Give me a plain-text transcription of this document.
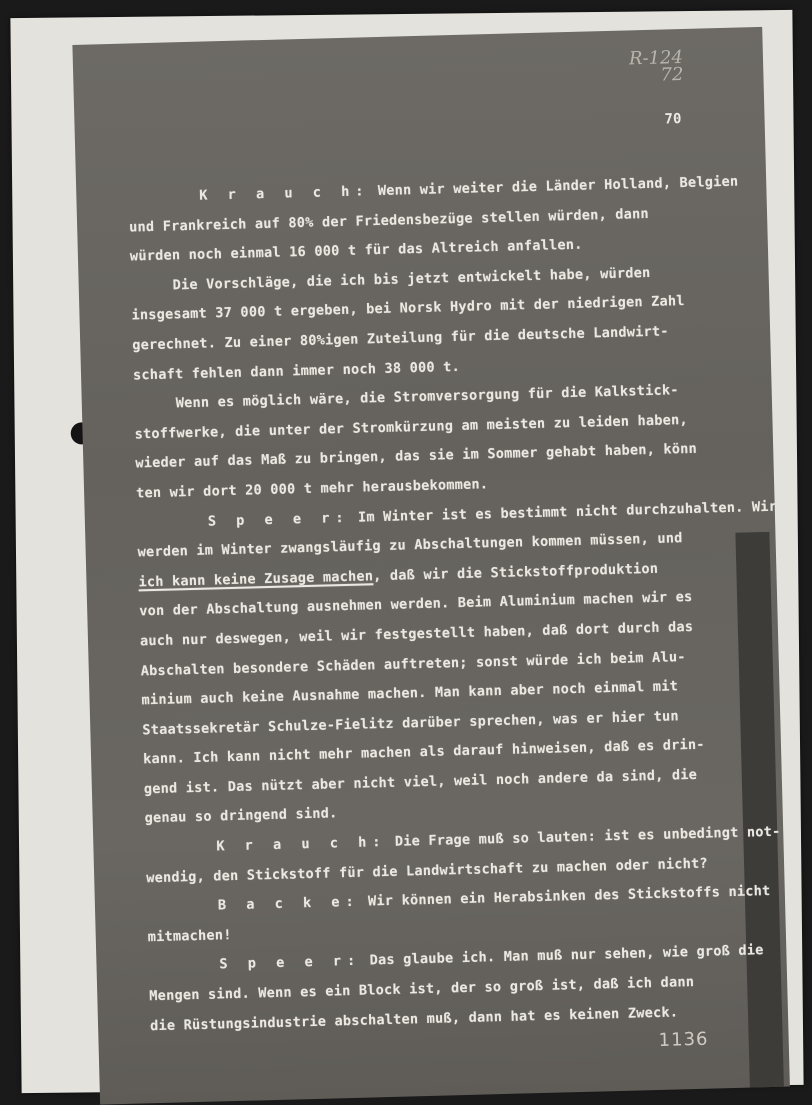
R-124
72
70
K r a u c h: Wenn wir weiter die Länder Holland, Belgien
und Frankreich auf 80% der Friedensbezüge stellen würden, dann
würden noch einmal 16 000 t für das Altreich anfallen.
Die Vorschläge, die ich bis jetzt entwickelt habe, würden
insgesamt 37 000 t ergeben, bei Norsk Hydro mit der niedrigen Zahl
gerechnet. Zu einer 80%igen Zuteilung für die deutsche Landwirt-
schaft fehlen dann immer noch 38 000 t.
Wenn es möglich wäre, die Stromversorgung für die Kalkstick-
stoffwerke, die unter der Stromkürzung am meisten zu leiden haben,
wieder auf das Maß zu bringen, das sie im Sommer gehabt haben, könn
ten wir dort 20 000 t mehr herausbekommen.
S p e e r: Im Winter ist es bestimmt nicht durchzuhalten. Wir
werden im Winter zwangsläufig zu Abschaltungen kommen müssen, und
ich kann keine Zusage machen, daß wir die Stickstoffproduktion
von der Abschaltung ausnehmen werden. Beim Aluminium machen wir es
auch nur deswegen, weil wir festgestellt haben, daß dort durch das
Abschalten besondere Schäden auftreten; sonst würde ich beim Alu-
minium auch keine Ausnahme machen. Man kann aber noch einmal mit
Staatssekretär Schulze-Fielitz darüber sprechen, was er hier tun
kann. Ich kann nicht mehr machen als darauf hinweisen, daß es drin-
gend ist. Das nützt aber nicht viel, weil noch andere da sind, die
genau so dringend sind.
K r a u c h: Die Frage muß so lauten: ist es unbedingt not-
wendig, den Stickstoff für die Landwirtschaft zu machen oder nicht?
B a c k e: Wir können ein Herabsinken des Stickstoffs nicht
mitmachen!
S p e e r: Das glaube ich. Man muß nur sehen, wie groß die
Mengen sind. Wenn es ein Block ist, der so groß ist, daß ich dann
die Rüstungsindustrie abschalten muß, dann hat es keinen Zweck.
1136
